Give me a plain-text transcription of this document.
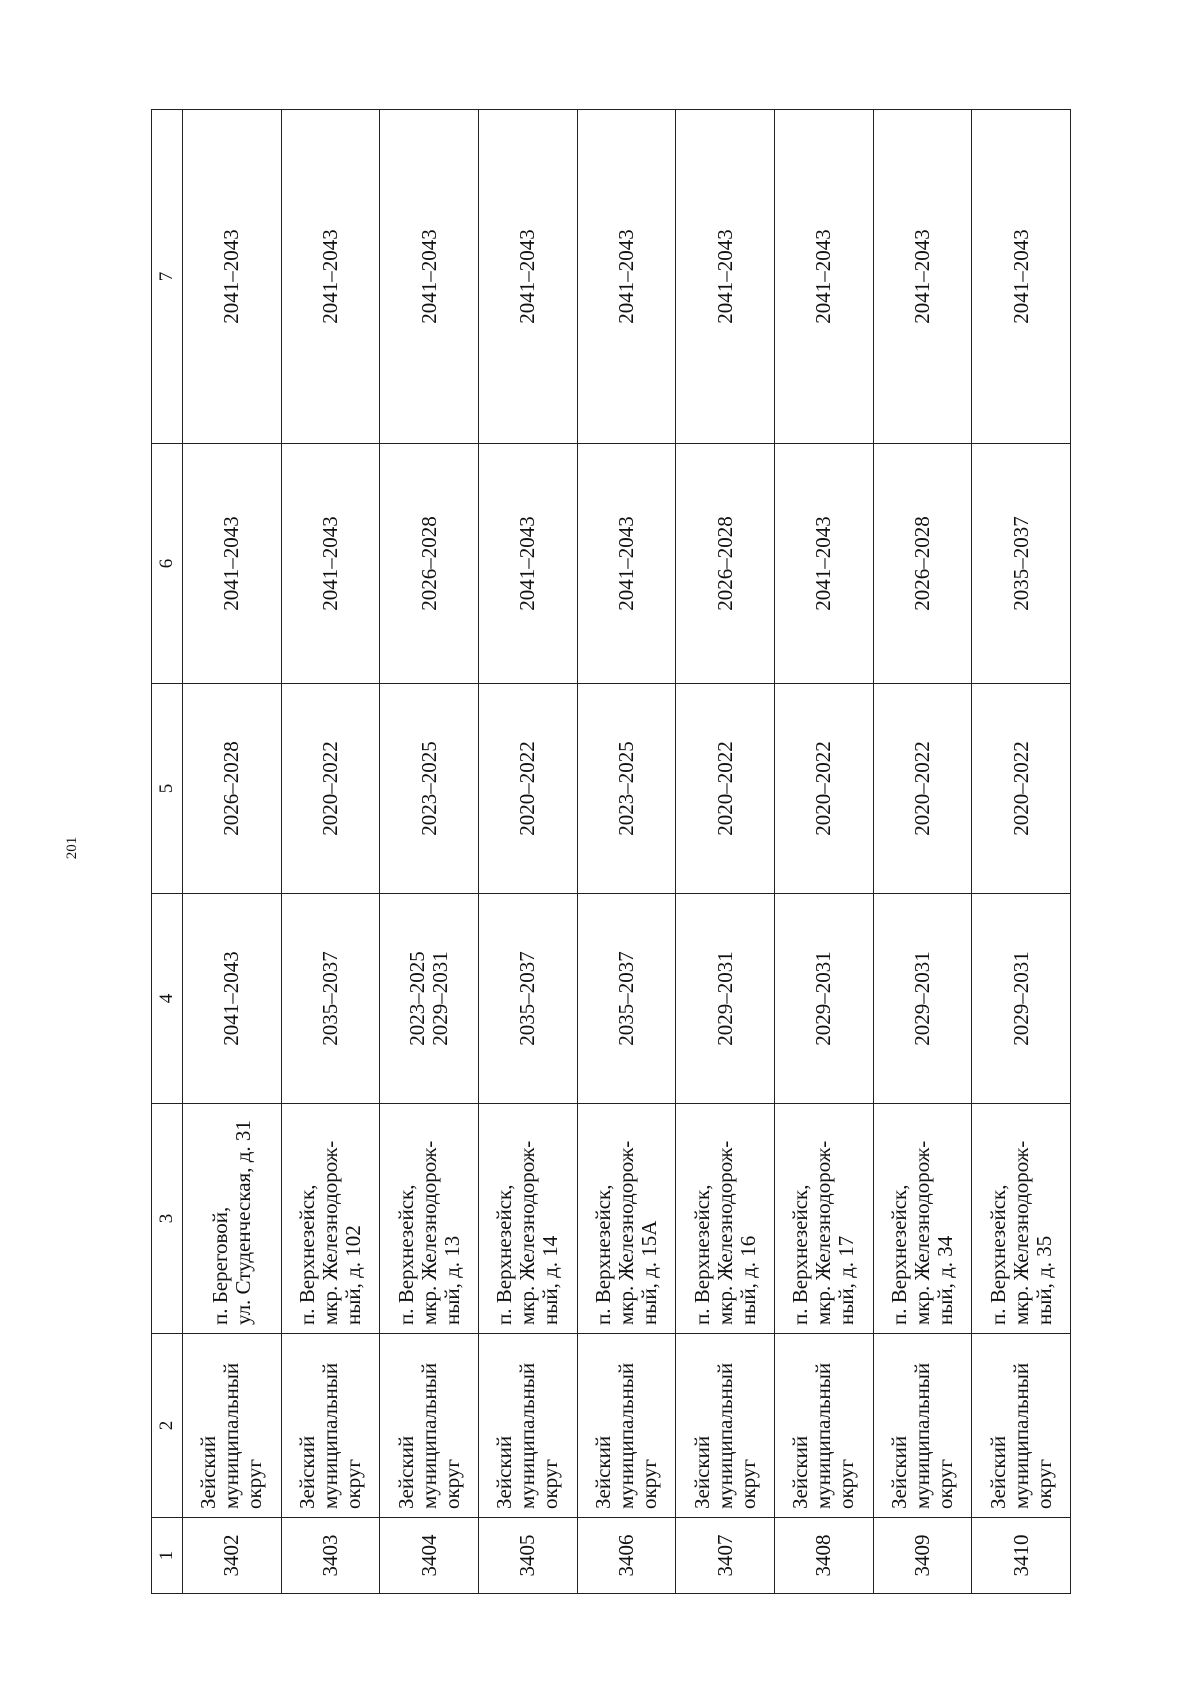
201
1	2	3	4	5	6	7
3402	Зейский муниципальный округ	п. Береговой, ул. Студенческая, д. 31	2041–2043	2026–2028	2041–2043	2041–2043
3403	Зейский муниципальный округ	п. Верхнезейск, мкр. Железнодорож- ный, д. 102	2035–2037	2020–2022	2041–2043	2041–2043
3404	Зейский муниципальный округ	п. Верхнезейск, мкр. Железнодорож- ный, д. 13	2023–2025 2029–2031	2023–2025	2026–2028	2041–2043
3405	Зейский муниципальный округ	п. Верхнезейск, мкр. Железнодорож- ный, д. 14	2035–2037	2020–2022	2041–2043	2041–2043
3406	Зейский муниципальный округ	п. Верхнезейск, мкр. Железнодорож- ный, д. 15А	2035–2037	2023–2025	2041–2043	2041–2043
3407	Зейский муниципальный округ	п. Верхнезейск, мкр. Железнодорож- ный, д. 16	2029–2031	2020–2022	2026–2028	2041–2043
3408	Зейский муниципальный округ	п. Верхнезейск, мкр. Железнодорож- ный, д. 17	2029–2031	2020–2022	2041–2043	2041–2043
3409	Зейский муниципальный округ	п. Верхнезейск, мкр. Железнодорож- ный, д. 34	2029–2031	2020–2022	2026–2028	2041–2043
3410	Зейский муниципальный округ	п. Верхнезейск, мкр. Железнодорож- ный, д. 35	2029–2031	2020–2022	2035–2037	2041–2043
